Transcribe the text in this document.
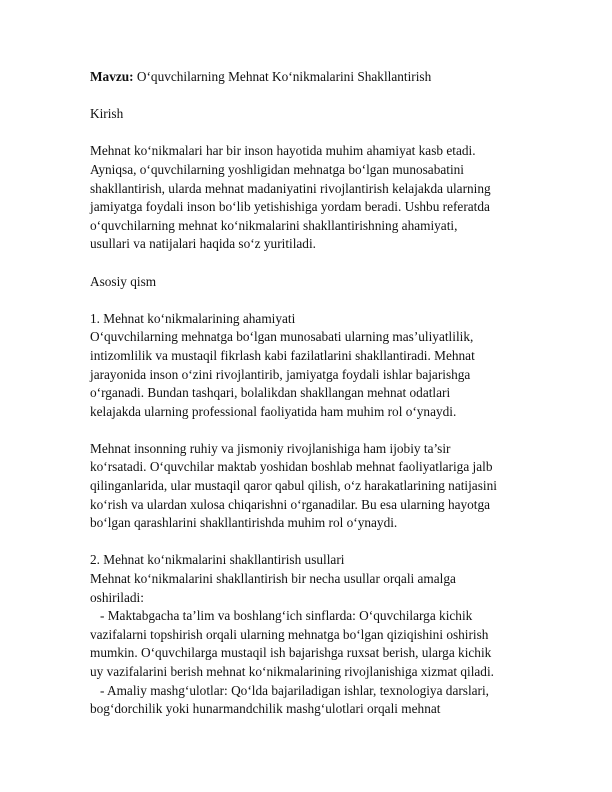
Mavzu: O‘quvchilarning Mehnat Ko‘nikmalarini Shakllantirish
Kirish
Mehnat ko‘nikmalari har bir inson hayotida muhim ahamiyat kasb etadi.
Ayniqsa, o‘quvchilarning yoshligidan mehnatga bo‘lgan munosabatini
shakllantirish, ularda mehnat madaniyatini rivojlantirish kelajakda ularning
jamiyatga foydali inson bo‘lib yetishishiga yordam beradi. Ushbu referatda
o‘quvchilarning mehnat ko‘nikmalarini shakllantirishning ahamiyati,
usullari va natijalari haqida so‘z yuritiladi.
Asosiy qism
1. Mehnat ko‘nikmalarining ahamiyati
O‘quvchilarning mehnatga bo‘lgan munosabati ularning mas’uliyatlilik,
intizomlilik va mustaqil fikrlash kabi fazilatlarini shakllantiradi. Mehnat
jarayonida inson o‘zini rivojlantirib, jamiyatga foydali ishlar bajarishga
o‘rganadi. Bundan tashqari, bolalikdan shakllangan mehnat odatlari
kelajakda ularning professional faoliyatida ham muhim rol o‘ynaydi.
Mehnat insonning ruhiy va jismoniy rivojlanishiga ham ijobiy ta’sir
ko‘rsatadi. O‘quvchilar maktab yoshidan boshlab mehnat faoliyatlariga jalb
qilinganlarida, ular mustaqil qaror qabul qilish, o‘z harakatlarining natijasini
ko‘rish va ulardan xulosa chiqarishni o‘rganadilar. Bu esa ularning hayotga
bo‘lgan qarashlarini shakllantirishda muhim rol o‘ynaydi.
2. Mehnat ko‘nikmalarini shakllantirish usullari
Mehnat ko‘nikmalarini shakllantirish bir necha usullar orqali amalga
oshiriladi:
- Maktabgacha ta’lim va boshlang‘ich sinflarda: O‘quvchilarga kichik
vazifalarni topshirish orqali ularning mehnatga bo‘lgan qiziqishini oshirish
mumkin. O‘quvchilarga mustaqil ish bajarishga ruxsat berish, ularga kichik
uy vazifalarini berish mehnat ko‘nikmalarining rivojlanishiga xizmat qiladi.
- Amaliy mashg‘ulotlar: Qo‘lda bajariladigan ishlar, texnologiya darslari,
bog‘dorchilik yoki hunarmandchilik mashg‘ulotlari orqali mehnat
